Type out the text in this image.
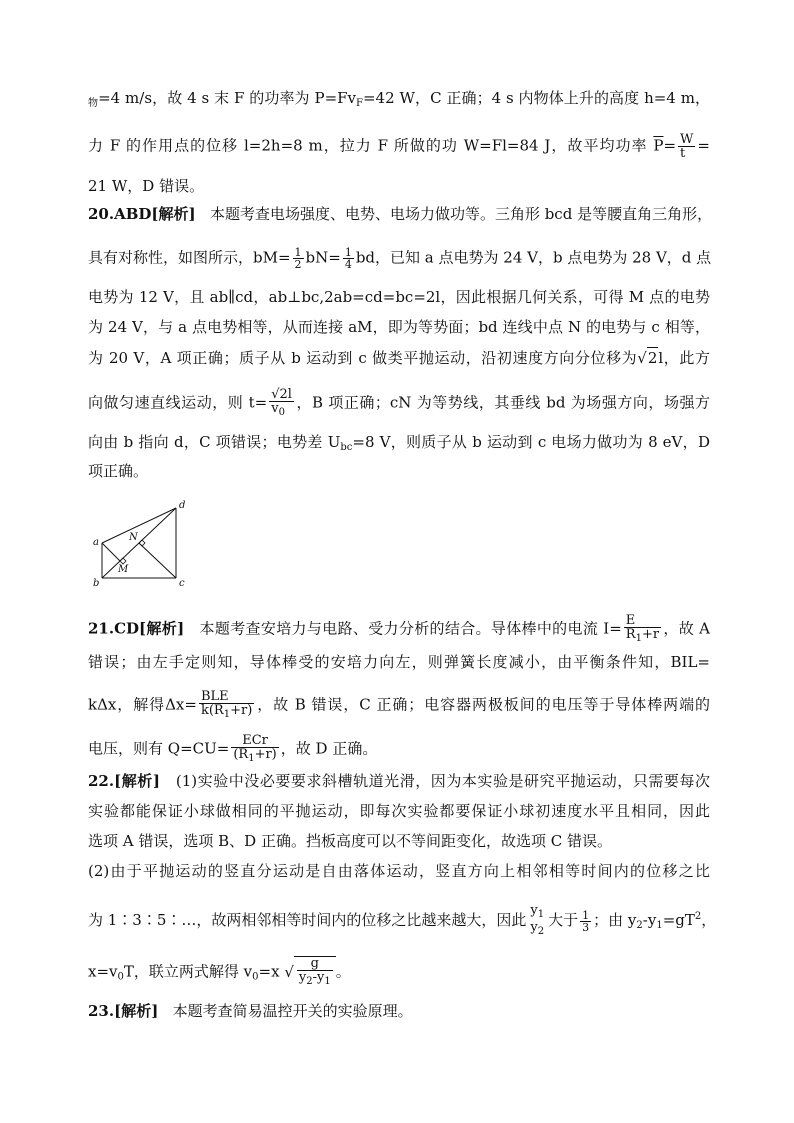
$_物$=4 m/s，故 4 s 末 F 的功率为 $P=Fv_F=42$ W，C 正确；4 s 内物体上升的高度 h=4 m，
力 F 的作用点的位移 l=2h=8 m，拉力 F 所做的功 W=Fl=84 J，故平均功率 $\overline{P}= \frac{W}{t}$ =
21 W，D 错误。
20.ABD[解析] 本题考查电场强度、电势、电场力做功等。三角形 bcd 是等腰直角三角形，
具有对称性，如图所示，$bM= \frac{1}{2} bN= \frac{1}{4}$ bd，已知 a 点电势为 24 V，b 点电势为 28 V，d 点
电势为 12 V，且 ab∥cd，ab⊥bc,2ab=cd=bc=2l，因此根据几何关系，可得 M 点的电势
为 24 V，与 a 点电势相等，从而连接 aM，即为等势面；bd 连线中点 N 的电势与 c 相等，
为 20 V，A 项正确；质子从 b 运动到 c 做类平抛运动，沿初速度方向分位移为√2l，此方
向做匀速直线运动，则 $t= \frac{√2l}{v_0}$ ，B 项正确；cN 为等势线，其垂线 bd 为场强方向，场强方
向由 b 指向 d，C 项错误；电势差 $U_{bc}=8$ V，则质子从 b 运动到 c 电场力做功为 8 eV，D
项正确。
a
b	c
d
N
M
21.CD[解析] 本题考查安培力与电路、受力分析的结合。导体棒中的电流 $I= \frac{E}{R_1+r}$ ，故 A
错误；由左手定则知，导体棒受的安培力向左，则弹簧长度减小，由平衡条件知，BIL=
kΔx，解得$\Delta x= \frac{\text{BLE}}{k(R_1+r)}$ ，故 B 错误，C 正确；电容器两极板间的电压等于导体棒两端的
电压，则有 $Q=CU= \frac{\text{ECr}}{(R_1+r)}$ ，故 D 正确。
22.[解析] (1)实验中没必要要求斜槽轨道光滑，因为本实验是研究平抛运动，只需要每次
实验都能保证小球做相同的平抛运动，即每次实验都要保证小球初速度水平且相同，因此
选项 A 错误，选项 B、D 正确。挡板高度可以不等间距变化，故选项 C 错误。
(2)由于平抛运动的竖直分运动是自由落体运动，竖直方向上相邻相等时间内的位移之比
为 1∶3∶5∶…，故两相邻相等时间内的位移之比越来越大，因此
$y_1$
$y_2$
大于 $\frac{1}{3}$ ；由 $y_2-y_1=gT^2$，
$x=v_0T$，联立两式解得 $v_0=x$ √ $\frac{g}{y_2-y_1}$ 。
23.[解析] 本题考查简易温控开关的实验原理。
